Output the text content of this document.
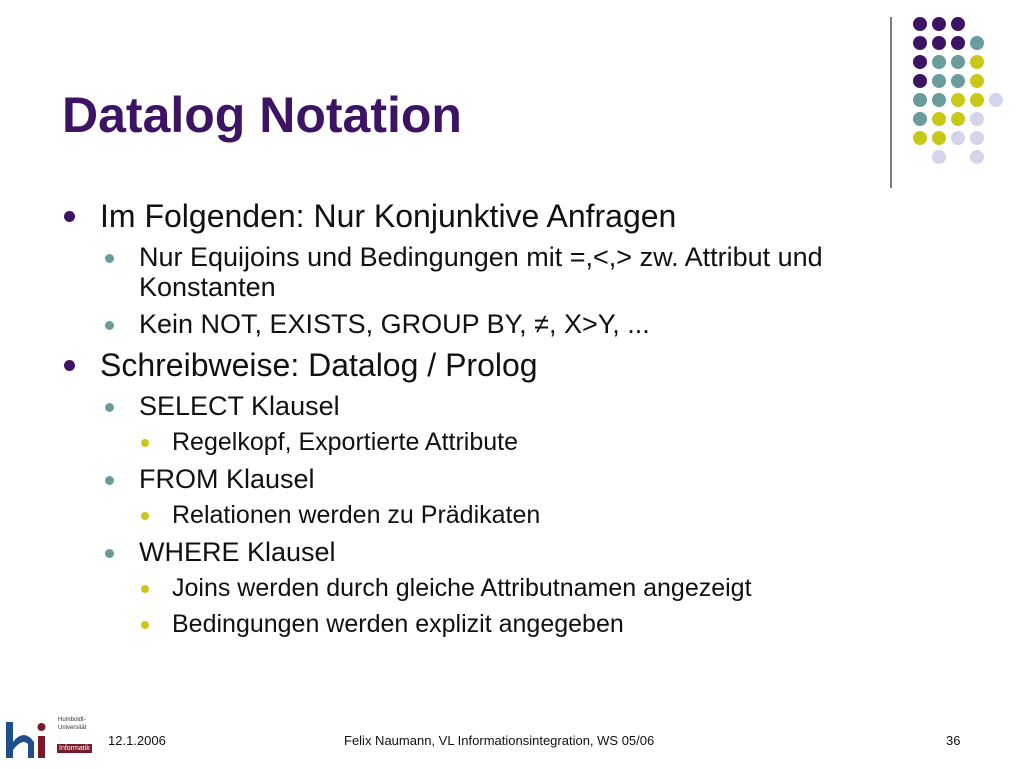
Datalog Notation
Im Folgenden: Nur Konjunktive Anfragen
Nur Equijoins und Bedingungen mit =,<,> zw. Attribut und Konstanten
Kein NOT, EXISTS, GROUP BY, ≠, X>Y, ...
Schreibweise: Datalog / Prolog
SELECT Klausel
Regelkopf, Exportierte Attribute
FROM Klausel
Relationen werden zu Prädikaten
WHERE Klausel
Joins werden durch gleiche Attributnamen angezeigt
Bedingungen werden explizit angegeben
Humboldt-
Universität
Informatik
12.1.2006	Felix Naumann, VL Informationsintegration, WS 05/06	36
